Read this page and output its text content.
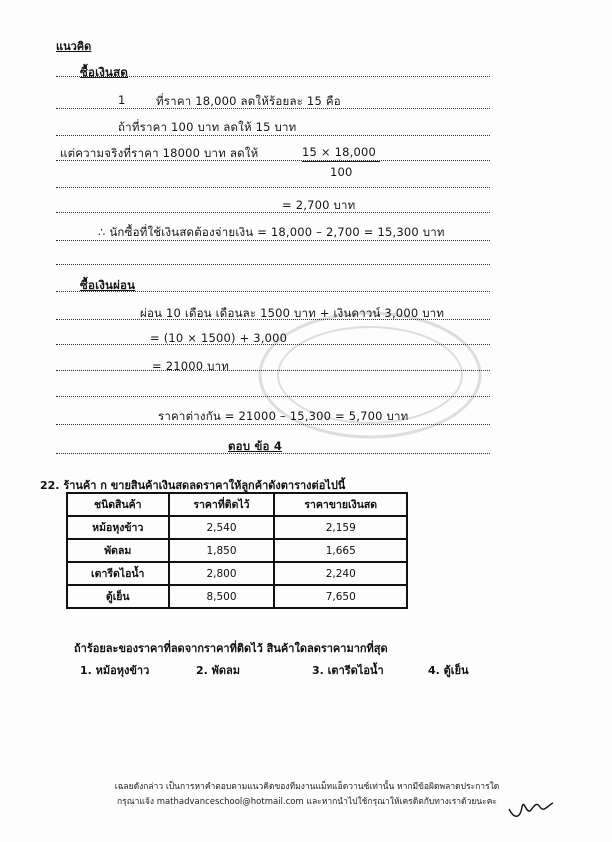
แนวคิด
ซื้อเงินสด
1	ที่ราคา 18,000 ลดให้ร้อยละ 15 คือ
ถ้าที่ราคา 100 บาท ลดให้ 15 บาท
แต่ความจริงที่ราคา 18000 บาท ลดให้	15 × 18,000
100
= 2,700 บาท
∴ นักซื้อที่ใช้เงินสดต้องจ่ายเงิน = 18,000 – 2,700 = 15,300 บาท
ซื้อเงินผ่อน
ผ่อน 10 เดือน เดือนละ 1500 บาท + เงินดาวน์ 3,000 บาท
= (10 × 1500) + 3,000
= 21000 บาท
ราคาต่างกัน = 21000 – 15,300 = 5,700 บาท
ตอบ ข้อ 4
22. ร้านค้า ก ขายสินค้าเงินสดลดราคาให้ลูกค้าดังตารางต่อไปนี้
ชนิดสินค้า	ราคาที่ติดไว้	ราคาขายเงินสด
หม้อหุงข้าว	2,540	2,159
พัดลม	1,850	1,665
เตารีดไอน้ำ	2,800	2,240
ตู้เย็น	8,500	7,650
ถ้าร้อยละของราคาที่ลดจากราคาที่ติดไว้ สินค้าใดลดราคามากที่สุด
1. หม้อหุงข้าว	2. พัดลม	3. เตารีดไอน้ำ	4. ตู้เย็น
เฉลยดังกล่าว เป็นการหาคำตอบตามแนวคิดของทีมงานแม็ทแอ็ดวานซ์เท่านั้น หากมีข้อผิดพลาดประการใด
กรุณาแจ้ง mathadvanceschool@hotmail.com และหากนำไปใช้กรุณาให้เครดิตกับทางเราด้วยนะคะ
